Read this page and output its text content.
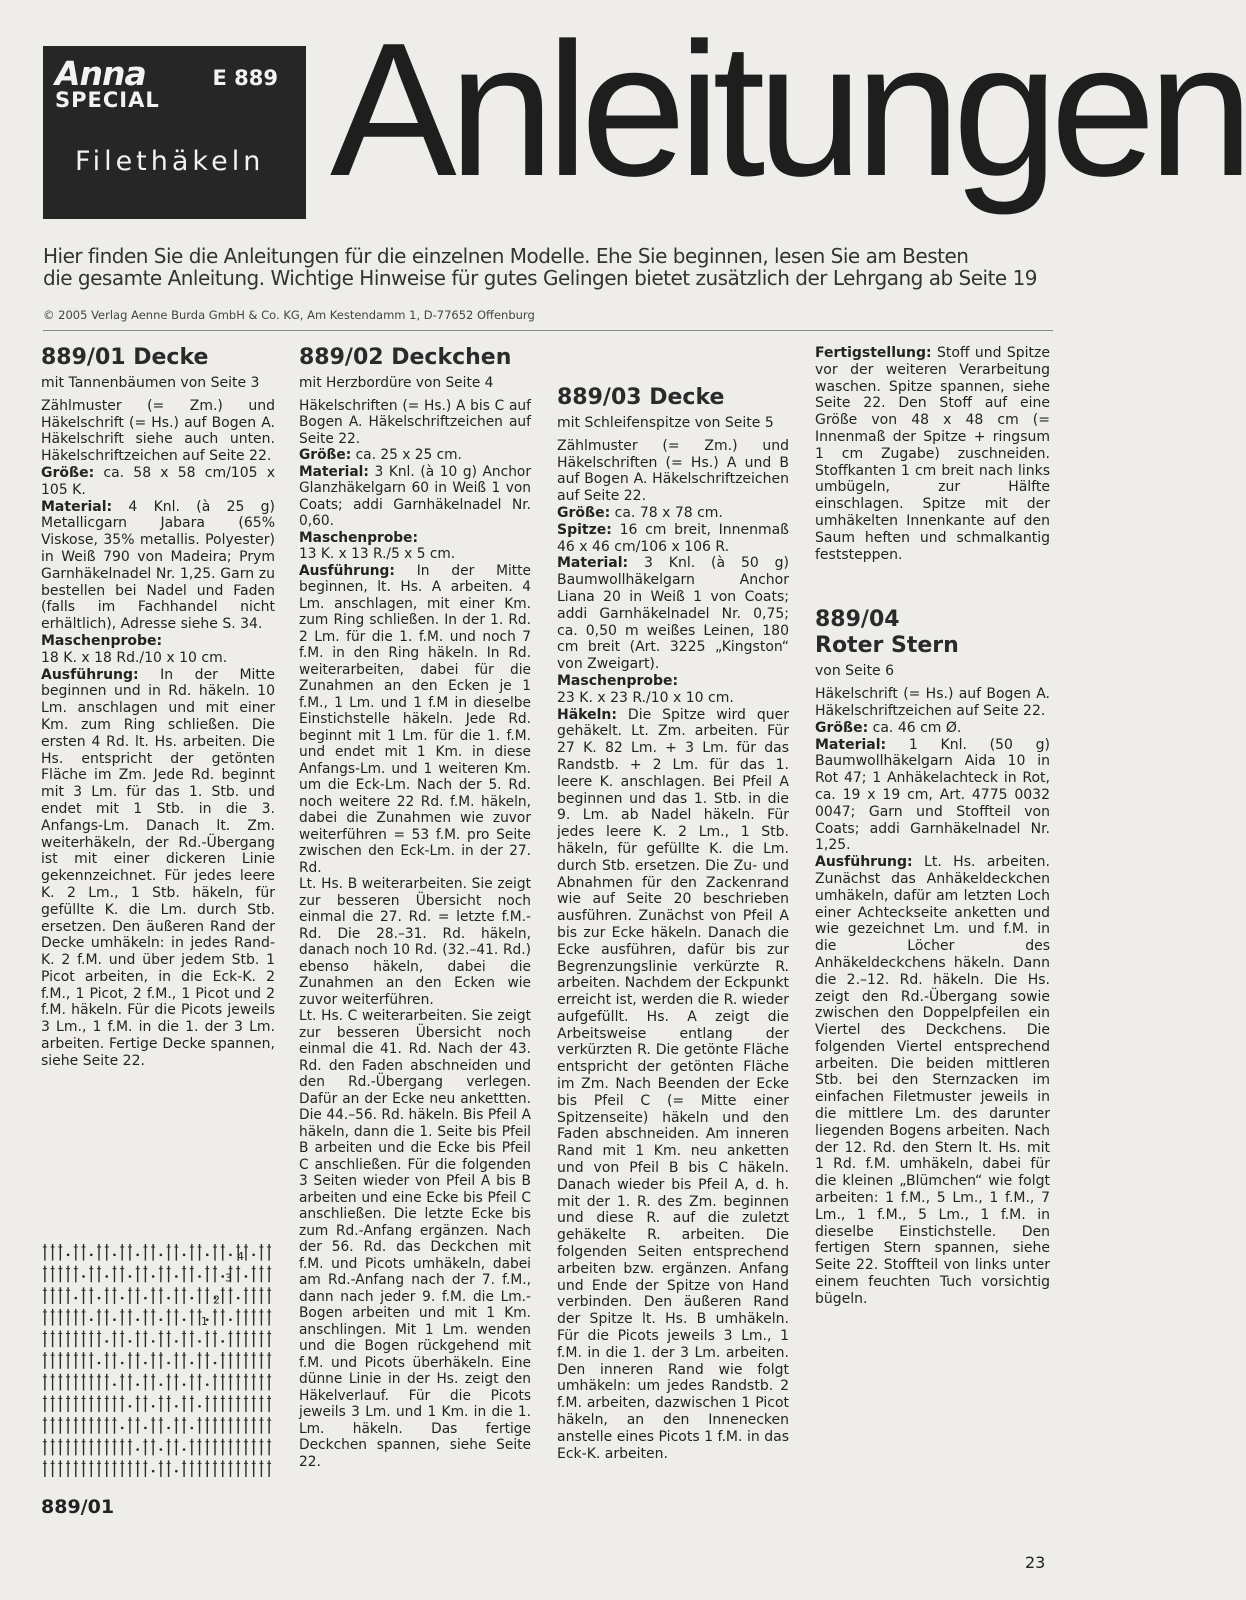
Anna
SPECIAL
E 889
Filethäkeln Anleitungen
Hier finden Sie die Anleitungen für die einzelnen Modelle. Ehe Sie beginnen, lesen Sie am Besten
die gesamte Anleitung. Wichtige Hinweise für gutes Gelingen bietet zusätzlich der Lehrgang ab Seite 19
© 2005 Verlag Aenne Burda GmbH & Co. KG, Am Kestendamm 1, D-77652 Offenburg
889/01 Decke

mit Tannenbäumen von Seite 3

Zählmuster (= Zm.) und Häkelschrift (= Hs.) auf Bogen A. Häkelschrift siehe auch unten. Häkelschriftzeichen auf Seite 22.

Größe: ca. 58 x 58 cm/105 x 105 K.

Material: 4 Knl. (à 25 g) Metallicgarn Jabara (65% Viskose, 35% metallis. Polyester) in Weiß 790 von Madeira; Prym Garnhäkelnadel Nr. 1,25. Garn zu bestellen bei Nadel und Faden (falls im Fachhandel nicht erhältlich), Adresse siehe S. 34.

Maschenprobe:
18 K. x 18 Rd./10 x 10 cm.

Ausführung: In der Mitte beginnen und in Rd. häkeln. 10 Lm. anschlagen und mit einer Km. zum Ring schließen. Die ersten 4 Rd. lt. Hs. arbeiten. Die Hs. entspricht der getönten Fläche im Zm. Jede Rd. beginnt mit 3 Lm. für das 1. Stb. und endet mit 1 Stb. in die 3. Anfangs-Lm. Danach lt. Zm. weiterhäkeln, der Rd.-Übergang ist mit einer dickeren Linie gekennzeichnet. Für jedes leere K. 2 Lm., 1 Stb. häkeln, für gefüllte K. die Lm. durch Stb. ersetzen. Den äußeren Rand der Decke umhäkeln: in jedes Rand-K. 2 f.M. und über jedem Stb. 1 Picot arbeiten, in die Eck-K. 2 f.M., 1 Picot, 2 f.M., 1 Picot und 2 f.M. häkeln. Für die Picots jeweils 3 Lm., 1 f.M. in die 1. der 3 Lm. arbeiten. Fertige Decke spannen, siehe Seite 22.

4
3
2
1
889/01
889/02 Deckchen

mit Herzbordüre von Seite 4

Häkelschriften (= Hs.) A bis C auf Bogen A. Häkelschriftzeichen auf Seite 22.

Größe: ca. 25 x 25 cm.

Material: 3 Knl. (à 10 g) Anchor Glanzhäkelgarn 60 in Weiß 1 von Coats; addi Garnhäkelnadel Nr. 0,60.

Maschenprobe:
13 K. x 13 R./5 x 5 cm.

Ausführung: In der Mitte beginnen, lt. Hs. A arbeiten. 4 Lm. anschlagen, mit einer Km. zum Ring schließen. In der 1. Rd. 2 Lm. für die 1. f.M. und noch 7 f.M. in den Ring häkeln. In Rd. weiterarbeiten, dabei für die Zunahmen an den Ecken je 1 f.M., 1 Lm. und 1 f.M in dieselbe Einstichstelle häkeln. Jede Rd. beginnt mit 1 Lm. für die 1. f.M. und endet mit 1 Km. in diese Anfangs-Lm. und 1 weiteren Km. um die Eck-Lm. Nach der 5. Rd. noch weitere 22 Rd. f.M. häkeln, dabei die Zunahmen wie zuvor weiterführen = 53 f.M. pro Seite zwischen den Eck-Lm. in der 27. Rd.

Lt. Hs. B weiterarbeiten. Sie zeigt zur besseren Übersicht noch einmal die 27. Rd. = letzte f.M.-Rd. Die 28.–31. Rd. häkeln, danach noch 10 Rd. (32.–41. Rd.) ebenso häkeln, dabei die Zunahmen an den Ecken wie zuvor weiterführen.

Lt. Hs. C weiterarbeiten. Sie zeigt zur besseren Übersicht noch einmal die 41. Rd. Nach der 43. Rd. den Faden abschneiden und den Rd.-Übergang verlegen. Dafür an der Ecke neu ankettten. Die 44.–56. Rd. häkeln. Bis Pfeil A häkeln, dann die 1. Seite bis Pfeil B arbeiten und die Ecke bis Pfeil C anschließen. Für die folgenden 3 Seiten wieder von Pfeil A bis B arbeiten und eine Ecke bis Pfeil C anschließen. Die letzte Ecke bis zum Rd.-Anfang ergänzen. Nach der 56. Rd. das Deckchen mit f.M. und Picots umhäkeln, dabei am Rd.-Anfang nach der 7. f.M., dann nach jeder 9. f.M. die Lm.-Bogen arbeiten und mit 1 Km. anschlingen. Mit 1 Lm. wenden und die Bogen rückgehend mit f.M. und Picots überhäkeln. Eine dünne Linie in der Hs. zeigt den Häkelverlauf. Für die Picots jeweils 3 Lm. und 1 Km. in die 1. Lm. häkeln. Das fertige Deckchen spannen, siehe Seite 22.

889/03 Decke

mit Schleifenspitze von Seite 5

Zählmuster (= Zm.) und Häkelschriften (= Hs.) A und B auf Bogen A. Häkelschriftzeichen auf Seite 22.

Größe: ca. 78 x 78 cm.

Spitze: 16 cm breit, Innenmaß 46 x 46 cm/106 x 106 R.

Material: 3 Knl. (à 50 g) Baumwollhäkelgarn Anchor Liana 20 in Weiß 1 von Coats; addi Garnhäkelnadel Nr. 0,75; ca. 0,50 m weißes Leinen, 180 cm breit (Art. 3225 „Kingston“ von Zweigart).

Maschenprobe:
23 K. x 23 R./10 x 10 cm.

Häkeln: Die Spitze wird quer gehäkelt. Lt. Zm. arbeiten. Für 27 K. 82 Lm. + 3 Lm. für das Randstb. + 2 Lm. für das 1. leere K. anschlagen. Bei Pfeil A beginnen und das 1. Stb. in die 9. Lm. ab Nadel häkeln. Für jedes leere K. 2 Lm., 1 Stb. häkeln, für gefüllte K. die Lm. durch Stb. ersetzen. Die Zu- und Abnahmen für den Zackenrand wie auf Seite 20 beschrieben ausführen. Zunächst von Pfeil A bis zur Ecke häkeln. Danach die Ecke ausführen, dafür bis zur Begrenzungslinie verkürzte R. arbeiten. Nachdem der Eckpunkt erreicht ist, werden die R. wieder aufgefüllt. Hs. A zeigt die Arbeitsweise entlang der verkürzten R. Die getönte Fläche entspricht der getönten Fläche im Zm. Nach Beenden der Ecke bis Pfeil C (= Mitte einer Spitzenseite) häkeln und den Faden abschneiden. Am inneren Rand mit 1 Km. neu anketten und von Pfeil B bis C häkeln. Danach wieder bis Pfeil A, d. h. mit der 1. R. des Zm. beginnen und diese R. auf die zuletzt gehäkelte R. arbeiten. Die folgenden Seiten entsprechend arbeiten bzw. ergänzen. Anfang und Ende der Spitze von Hand verbinden. Den äußeren Rand der Spitze lt. Hs. B umhäkeln. Für die Picots jeweils 3 Lm., 1 f.M. in die 1. der 3 Lm. arbeiten. Den inneren Rand wie folgt umhäkeln: um jedes Randstb. 2 f.M. arbeiten, dazwischen 1 Picot häkeln, an den Innenecken anstelle eines Picots 1 f.M. in das Eck-K. arbeiten.

Fertigstellung: Stoff und Spitze vor der weiteren Verarbeitung waschen. Spitze spannen, siehe Seite 22. Den Stoff auf eine Größe von 48 x 48 cm (= Innenmaß der Spitze + ringsum 1 cm Zugabe) zuschneiden. Stoffkanten 1 cm breit nach links umbügeln, zur Hälfte einschlagen. Spitze mit der umhäkelten Innenkante auf den Saum heften und schmalkantig feststeppen.

889/04
Roter Stern

von Seite 6

Häkelschrift (= Hs.) auf Bogen A. Häkelschriftzeichen auf Seite 22.

Größe: ca. 46 cm Ø.

Material: 1 Knl. (50 g) Baumwollhäkelgarn Aida 10 in Rot 47; 1 Anhäkelachteck in Rot, ca. 19 x 19 cm, Art. 4775 0032 0047; Garn und Stoffteil von Coats; addi Garnhäkelnadel Nr. 1,25.

Ausführung: Lt. Hs. arbeiten. Zunächst das Anhäkeldeckchen umhäkeln, dafür am letzten Loch einer Achteckseite anketten und wie gezeichnet Lm. und f.M. in die Löcher des Anhäkeldeckchens häkeln. Dann die 2.–12. Rd. häkeln. Die Hs. zeigt den Rd.-Übergang sowie zwischen den Doppelpfeilen ein Viertel des Deckchens. Die folgenden Viertel entsprechend arbeiten. Die beiden mittleren Stb. bei den Sternzacken im einfachen Filetmuster jeweils in die mittlere Lm. des darunter liegenden Bogens arbeiten. Nach der 12. Rd. den Stern lt. Hs. mit 1 Rd. f.M. umhäkeln, dabei für die kleinen „Blümchen“ wie folgt arbeiten: 1 f.M., 5 Lm., 1 f.M., 7 Lm., 1 f.M., 5 Lm., 1 f.M. in dieselbe Einstichstelle. Den fertigen Stern spannen, siehe Seite 22. Stoffteil von links unter einem feuchten Tuch vorsichtig bügeln.

23
